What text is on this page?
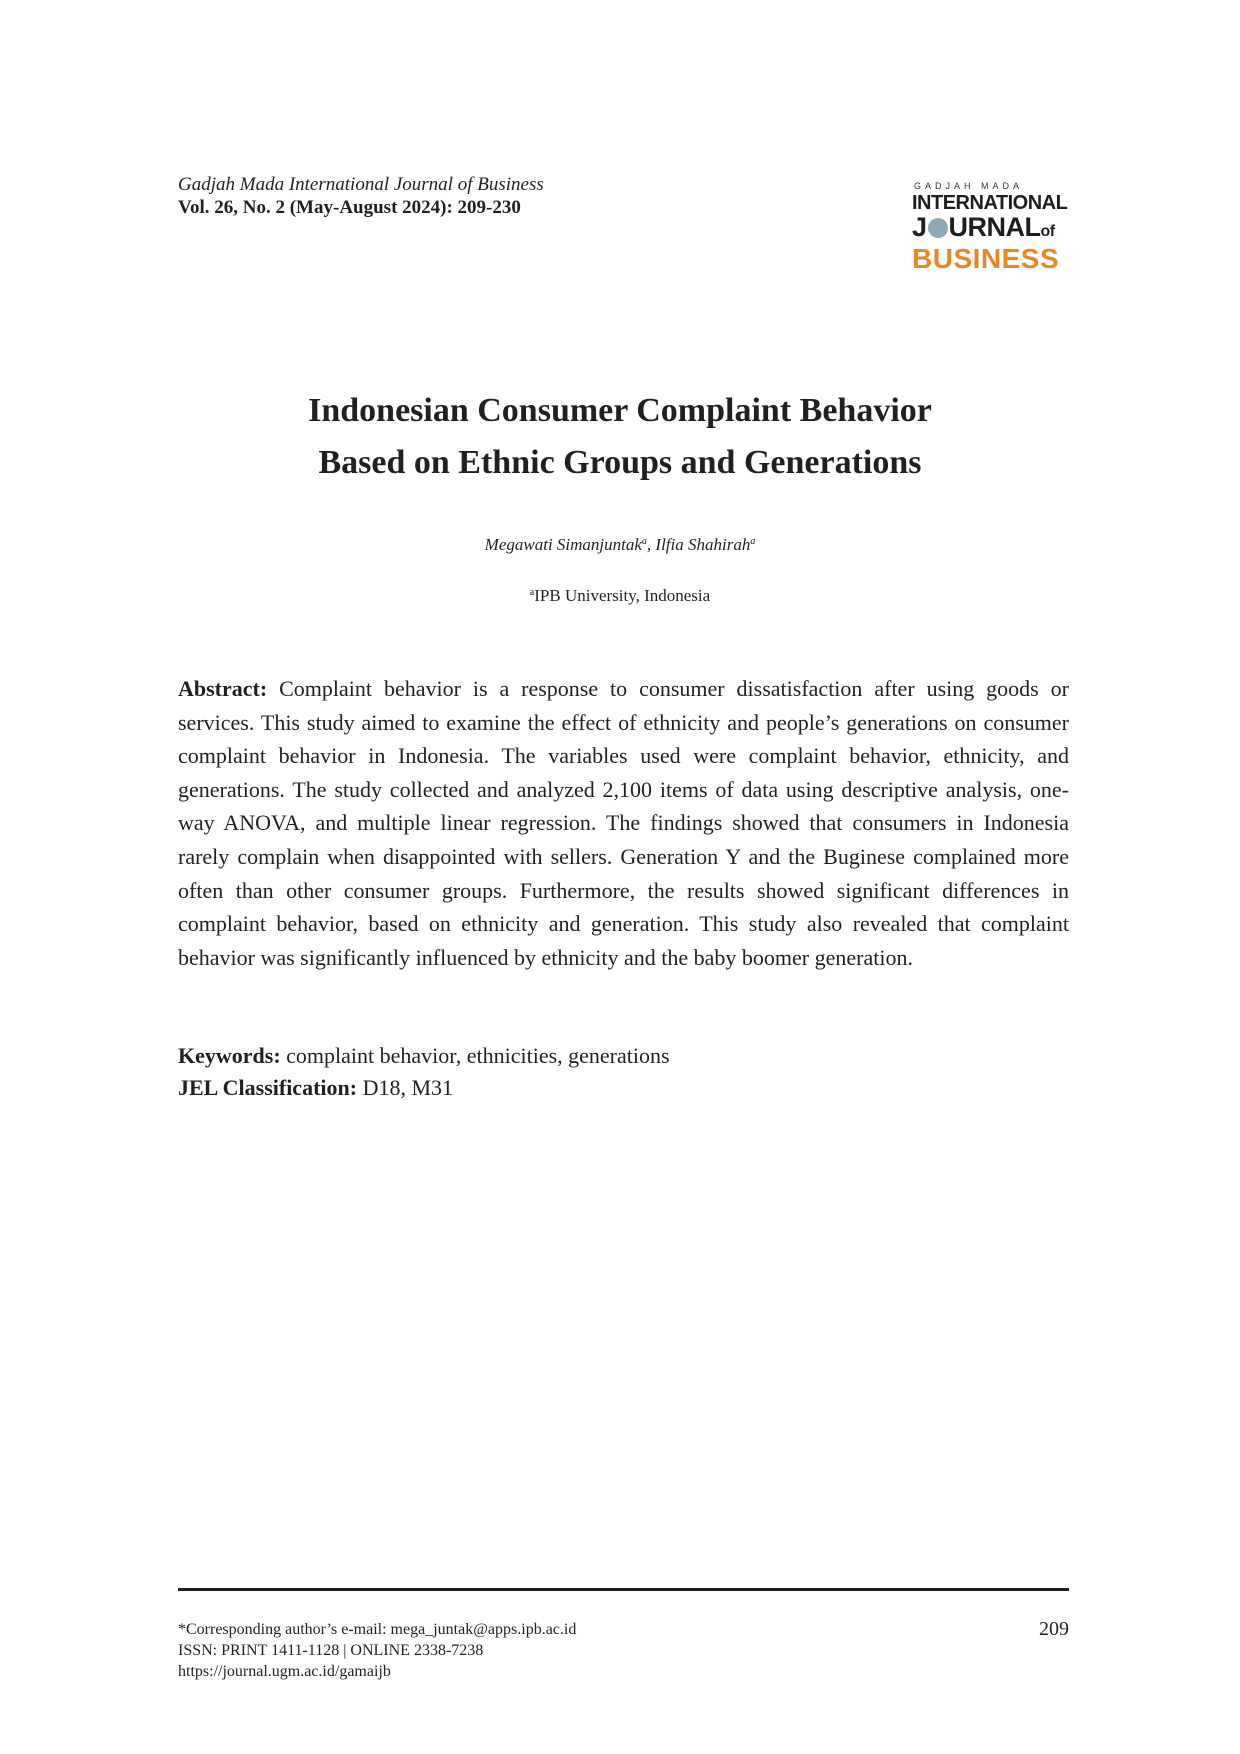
Gadjah Mada International Journal of Business
Vol. 26, No. 2 (May-August 2024): 209-230
GADJAH MADA
INTERNATIONAL
J URNALof
BUSINESS
Indonesian Consumer Complaint Behavior
Based on Ethnic Groups and Generations
Megawati Simanjuntak$^a$, Ilfia Shahirah$^a$
$^a$IPB University, Indonesia
Abstract: Complaint behavior is a response to consumer dissatisfaction after using goods or services. This study aimed to examine the effect of ethnicity and people’s generations on consumer complaint behavior in Indonesia. The variables used were complaint behavior, ethnicity, and generations. The study collected and analyzed 2,100 items of data using descriptive analysis, one-way ANOVA, and multiple linear regression. The findings showed that consumers in Indonesia rarely complain when disappointed with sellers. Generation Y and the Buginese complained more often than other consumer groups. Furthermore, the results showed significant differences in complaint behavior, based on ethnicity and generation. This study also revealed that complaint behavior was significantly influenced by ethnicity and the baby boomer generation.
Keywords: complaint behavior, ethnicities, generations
JEL Classification: D18, M31
*Corresponding author’s e-mail: mega_juntak@apps.ipb.ac.id
ISSN: PRINT 1411-1128 | ONLINE 2338-7238
https://journal.ugm.ac.id/gamaijb
209
